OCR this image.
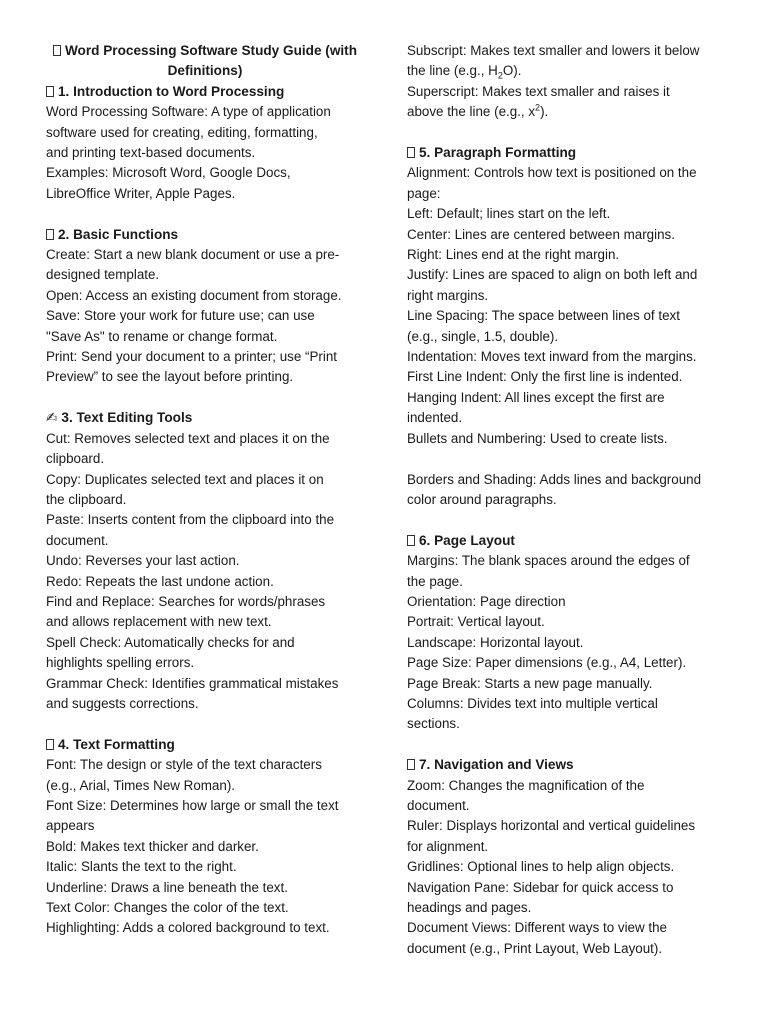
Word Processing Software Study Guide (with Definitions)

1. Introduction to Word Processing

Word Processing Software: A type of application

software used for creating, editing, formatting,

and printing text-based documents.

Examples: Microsoft Word, Google Docs,

LibreOffice Writer, Apple Pages.

2. Basic Functions

Create: Start a new blank document or use a pre-

designed template.

Open: Access an existing document from storage.

Save: Store your work for future use; can use

"Save As" to rename or change format.

Print: Send your document to a printer; use “Print

Preview” to see the layout before printing.

✍ 3. Text Editing Tools

Cut: Removes selected text and places it on the

clipboard.

Copy: Duplicates selected text and places it on

the clipboard.

Paste: Inserts content from the clipboard into the

document.

Undo: Reverses your last action.

Redo: Repeats the last undone action.

Find and Replace: Searches for words/phrases

and allows replacement with new text.

Spell Check: Automatically checks for and

highlights spelling errors.

Grammar Check: Identifies grammatical mistakes

and suggests corrections.

4. Text Formatting

Font: The design or style of the text characters

(e.g., Arial, Times New Roman).

Font Size: Determines how large or small the text

appears

Bold: Makes text thicker and darker.

Italic: Slants the text to the right.

Underline: Draws a line beneath the text.

Text Color: Changes the color of the text.

Highlighting: Adds a colored background to text.

Subscript: Makes text smaller and lowers it below

the line (e.g., $H_2O$).

Superscript: Makes text smaller and raises it

above the line (e.g., $x^2$).

5. Paragraph Formatting

Alignment: Controls how text is positioned on the

page:

Left: Default; lines start on the left.

Center: Lines are centered between margins.

Right: Lines end at the right margin.

Justify: Lines are spaced to align on both left and

right margins.

Line Spacing: The space between lines of text

(e.g., single, 1.5, double).

Indentation: Moves text inward from the margins.

First Line Indent: Only the first line is indented.

Hanging Indent: All lines except the first are

indented.

Bullets and Numbering: Used to create lists.

Borders and Shading: Adds lines and background

color around paragraphs.

6. Page Layout

Margins: The blank spaces around the edges of

the page.

Orientation: Page direction

Portrait: Vertical layout.

Landscape: Horizontal layout.

Page Size: Paper dimensions (e.g., A4, Letter).

Page Break: Starts a new page manually.

Columns: Divides text into multiple vertical

sections.

7. Navigation and Views

Zoom: Changes the magnification of the

document.

Ruler: Displays horizontal and vertical guidelines

for alignment.

Gridlines: Optional lines to help align objects.

Navigation Pane: Sidebar for quick access to

headings and pages.

Document Views: Different ways to view the

document (e.g., Print Layout, Web Layout).
